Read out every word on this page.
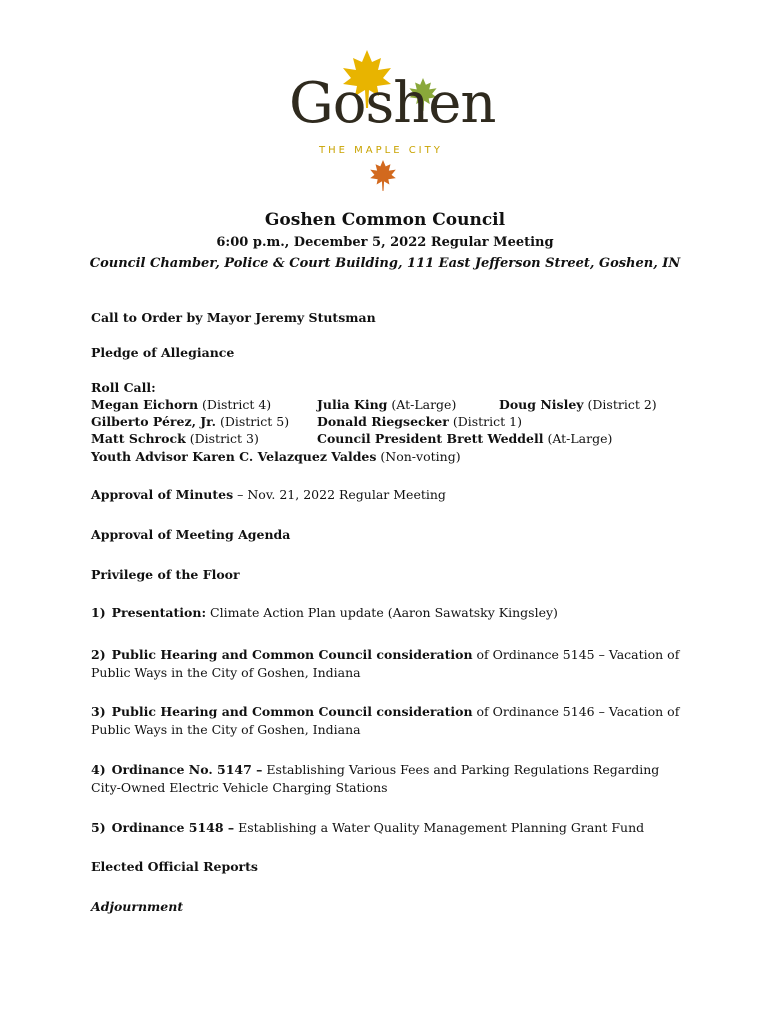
Goshen
THE MAPLE CITY
Goshen Common Council
6:00 p.m., December 5, 2022 Regular Meeting
Council Chamber, Police & Court Building, 111 East Jefferson Street, Goshen, IN
Call to Order by Mayor Jeremy Stutsman
Pledge of Allegiance
Roll Call:
Megan Eichorn (District 4)	Julia King (At-Large)	Doug Nisley (District 2)
Gilberto Pérez, Jr. (District 5) Donald Riegsecker (District 1)
Matt Schrock (District 3)	Council President Brett Weddell (At-Large)
Youth Advisor Karen C. Velazquez Valdes (Non-voting)
Approval of Minutes – Nov. 21, 2022 Regular Meeting
Approval of Meeting Agenda
Privilege of the Floor
1) Presentation: Climate Action Plan update (Aaron Sawatsky Kingsley)
2) Public Hearing and Common Council consideration of Ordinance 5145 – Vacation of Public Ways in the City of Goshen, Indiana
3) Public Hearing and Common Council consideration of Ordinance 5146 – Vacation of Public Ways in the City of Goshen, Indiana
4) Ordinance No. 5147 – Establishing Various Fees and Parking Regulations Regarding City-Owned Electric Vehicle Charging Stations
5) Ordinance 5148 – Establishing a Water Quality Management Planning Grant Fund
Elected Official Reports
Adjournment
